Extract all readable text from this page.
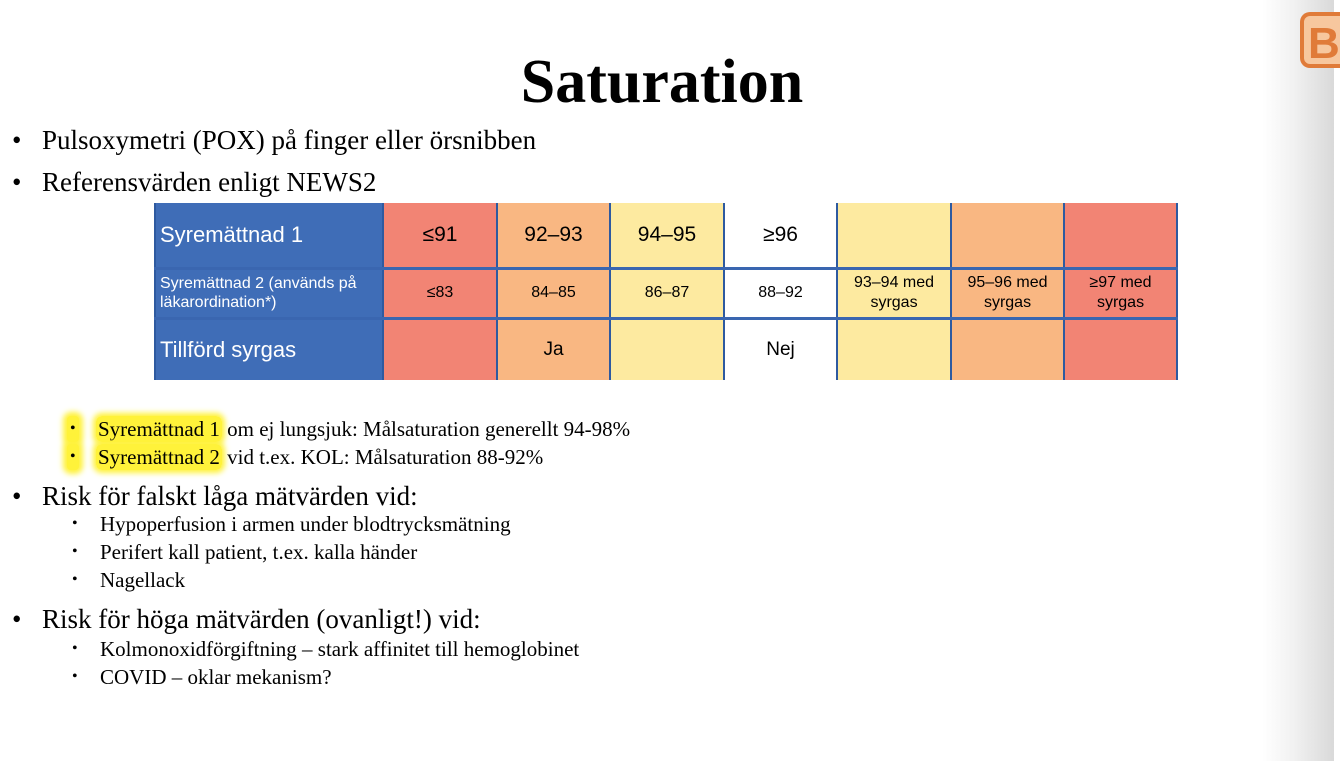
B
Saturation
• Pulsoxymetri (POX) på finger eller örsnibben
• Referensvärden enligt NEWS2
Syremättnad 1	≤91	92–93	94–95	≥96			
Syremättnad 2 (används på läkarordination*)	≤83	84–85	86–87	88–92	93–94 med syrgas	95–96 med syrgas	≥97 med syrgas
Tillförd syrgas		Ja		Nej			
• Syremättnad 1 om ej lungsjuk: Målsaturation generellt 94-98%
• Syremättnad 2 vid t.ex. KOL: Målsaturation 88-92%
• Risk för falskt låga mätvärden vid:
• Hypoperfusion i armen under blodtrycksmätning
• Perifert kall patient, t.ex. kalla händer
• Nagellack
• Risk för höga mätvärden (ovanligt!) vid:
• Kolmonoxidförgiftning – stark affinitet till hemoglobinet
• COVID – oklar mekanism?
